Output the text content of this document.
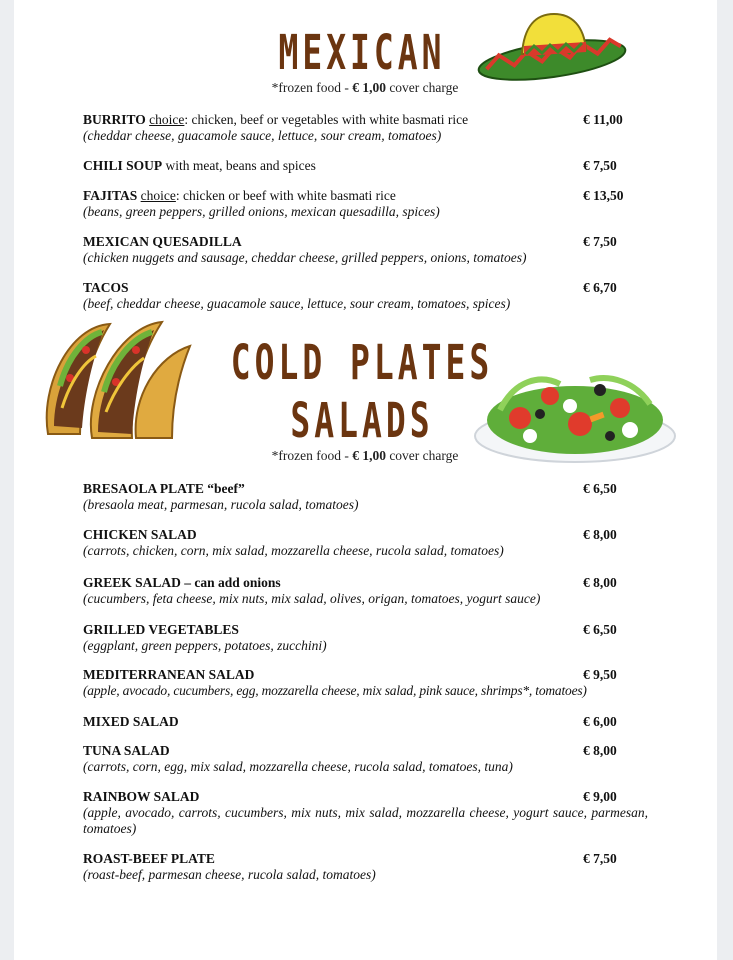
MEXICAN
*frozen food - € 1,00 cover charge
BURRITO choice: chicken, beef or vegetables with white basmati rice
(cheddar cheese, guacamole sauce, lettuce, sour cream, tomatoes)
€ 11,00
CHILI SOUP with meat, beans and spices	€ 7,50
FAJITAS choice: chicken or beef with white basmati rice
(beans, green peppers, grilled onions, mexican quesadilla, spices)
€ 13,50
MEXICAN QUESADILLA
(chicken nuggets and sausage, cheddar cheese, grilled peppers, onions, tomatoes)
€ 7,50
TACOS
(beef, cheddar cheese, guacamole sauce, lettuce, sour cream, tomatoes, spices)
€ 6,70
COLD PLATES
SALADS
*frozen food - € 1,00 cover charge
BRESAOLA PLATE “beef”
(bresaola meat, parmesan, rucola salad, tomatoes)
€ 6,50
CHICKEN SALAD
(carrots, chicken, corn, mix salad, mozzarella cheese, rucola salad, tomatoes)
€ 8,00
GREEK SALAD – can add onions
(cucumbers, feta cheese, mix nuts, mix salad, olives, origan, tomatoes, yogurt sauce)
€ 8,00
GRILLED VEGETABLES
(eggplant, green peppers, potatoes, zucchini)
€ 6,50
MEDITERRANEAN SALAD
(apple, avocado, cucumbers, egg, mozzarella cheese, mix salad, pink sauce, shrimps*, tomatoes)
€ 9,50
MIXED SALAD	€ 6,00
TUNA SALAD
(carrots, corn, egg, mix salad, mozzarella cheese, rucola salad, tomatoes, tuna)
€ 8,00
RAINBOW SALAD
(apple, avocado, carrots, cucumbers, mix nuts, mix salad, mozzarella cheese, yogurt sauce, parmesan, tomatoes)
€ 9,00
ROAST-BEEF PLATE
(roast-beef, parmesan cheese, rucola salad, tomatoes)
€ 7,50
